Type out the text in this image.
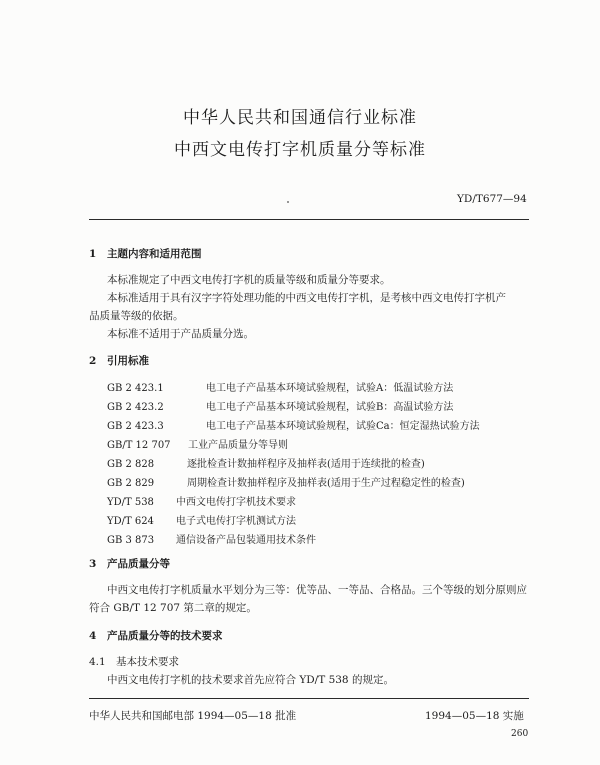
中华人民共和国通信行业标准
中西文电传打字机质量分等标准
YD/T677—94
1 主题内容和适用范围
本标准规定了中西文电传打字机的质量等级和质量分等要求。
本标准适用于具有汉字字符处理功能的中西文电传打字机，是考核中西文电传打字机产
品质量等级的依据。
本标准不适用于产品质量分选。
2 引用标准
GB 2 423.1	电工电子产品基本环境试验规程，试验A：低温试验方法
GB 2 423.2	电工电子产品基本环境试验规程，试验B：高温试验方法
GB 2 423.3	电工电子产品基本环境试验规程，试验Ca：恒定湿热试验方法
GB/T 12 707 工业产品质量分等导则
GB 2 828	逐批检查计数抽样程序及抽样表(适用于连续批的检查)
GB 2 829	周期检查计数抽样程序及抽样表(适用于生产过程稳定性的检查)
YD/T 538 中西文电传打字机技术要求
YD/T 624 电子式电传打字机测试方法
GB 3 873 通信设备产品包装通用技术条件
3 产品质量分等
中西文电传打字机质量水平划分为三等：优等品、一等品、合格品。三个等级的划分原则应
符合 GB/T 12 707 第二章的规定。
4 产品质量分等的技术要求
4.1 基本技术要求
中西文电传打字机的技术要求首先应符合 YD/T 538 的规定。
中华人民共和国邮电部 1994—05—18 批准	1994—05—18 实施
260
